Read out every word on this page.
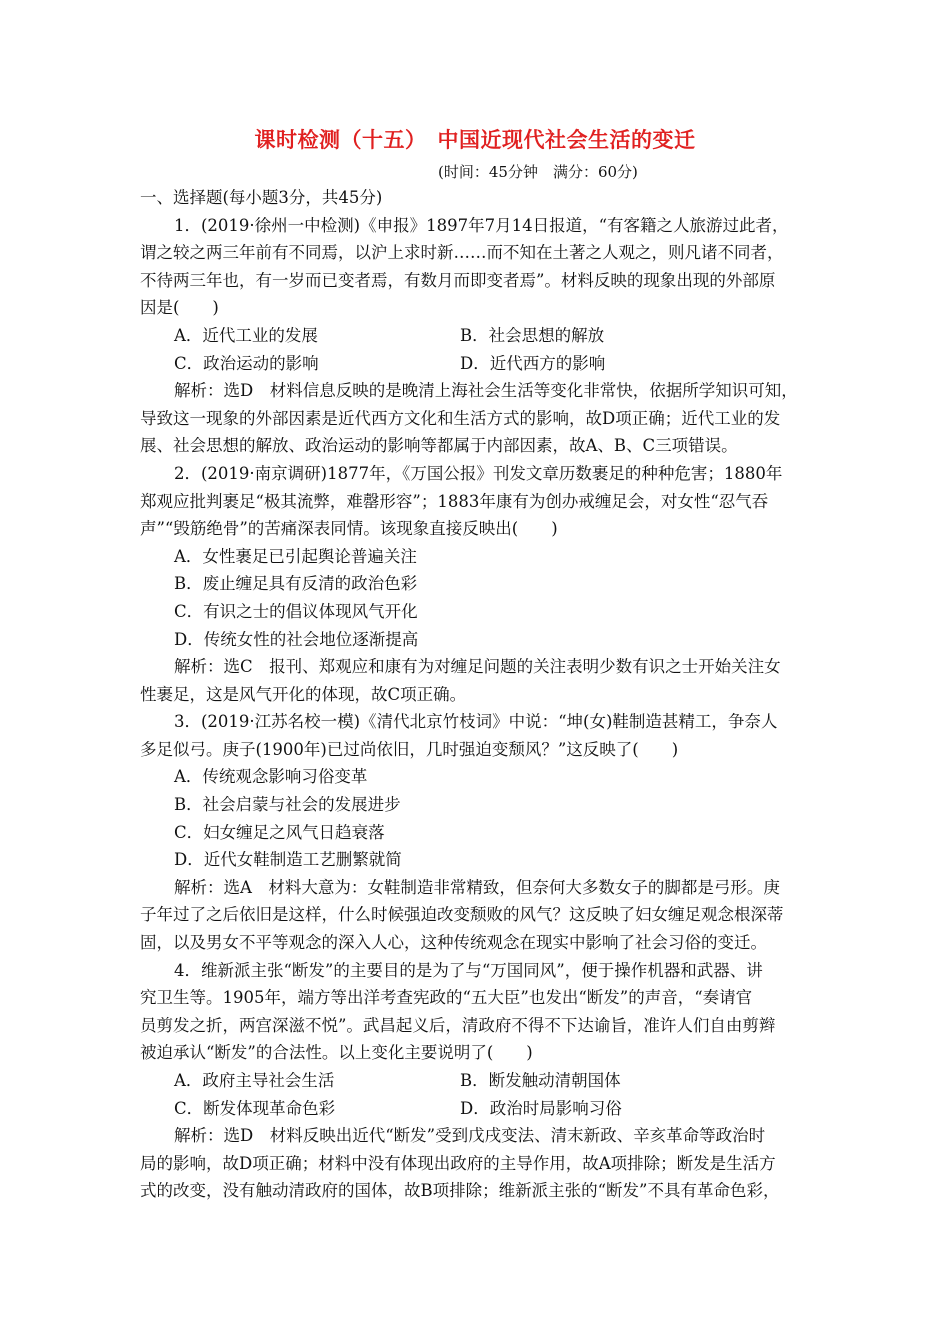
课时检测（十五）　中国近现代社会生活的变迁
(时间：45分钟　满分：60分)
一、选择题(每小题3分，共45分)
1．(2019·徐州一中检测)《申报》1897年7月14日报道，“有客籍之人旅游过此者，
谓之较之两三年前有不同焉，以沪上求时新……而不知在土著之人观之，则凡诸不同者，
不待两三年也，有一岁而已变者焉，有数月而即变者焉”。材料反映的现象出现的外部原
因是(　　)
A．近代工业的发展	B．社会思想的解放
C．政治运动的影响	D．近代西方的影响
解析：选D　材料信息反映的是晚清上海社会生活等变化非常快，依据所学知识可知，
导致这一现象的外部因素是近代西方文化和生活方式的影响，故D项正确；近代工业的发
展、社会思想的解放、政治运动的影响等都属于内部因素，故A、B、C三项错误。
2．(2019·南京调研)1877年，《万国公报》刊发文章历数裹足的种种危害；1880年
郑观应批判裹足“极其流弊，难罄形容”；1883年康有为创办戒缠足会，对女性“忍气吞
声”“毁筋绝骨”的苦痛深表同情。该现象直接反映出(　　)
A．女性裹足已引起舆论普遍关注
B．废止缠足具有反清的政治色彩
C．有识之士的倡议体现风气开化
D．传统女性的社会地位逐渐提高
解析：选C　报刊、郑观应和康有为对缠足问题的关注表明少数有识之士开始关注女
性裹足，这是风气开化的体现，故C项正确。
3．(2019·江苏名校一模)《清代北京竹枝词》中说：“坤(女)鞋制造甚精工，争奈人
多足似弓。庚子(1900年)已过尚依旧，几时强迫变颓风？”这反映了(　　)
A．传统观念影响习俗变革
B．社会启蒙与社会的发展进步
C．妇女缠足之风气日趋衰落
D．近代女鞋制造工艺删繁就简
解析：选A　材料大意为：女鞋制造非常精致，但奈何大多数女子的脚都是弓形。庚
子年过了之后依旧是这样，什么时候强迫改变颓败的风气？这反映了妇女缠足观念根深蒂
固，以及男女不平等观念的深入人心，这种传统观念在现实中影响了社会习俗的变迁。
4．维新派主张“断发”的主要目的是为了与“万国同风”，便于操作机器和武器、讲
究卫生等。1905年，端方等出洋考查宪政的“五大臣”也发出“断发”的声音，“奏请官
员剪发之折，两宫深滋不悦”。武昌起义后，清政府不得不下达谕旨，准许人们自由剪辫
被迫承认“断发”的合法性。以上变化主要说明了(　　)
A．政府主导社会生活	B．断发触动清朝国体
C．断发体现革命色彩	D．政治时局影响习俗
解析：选D　材料反映出近代“断发”受到戊戌变法、清末新政、辛亥革命等政治时
局的影响，故D项正确；材料中没有体现出政府的主导作用，故A项排除；断发是生活方
式的改变，没有触动清政府的国体，故B项排除；维新派主张的“断发”不具有革命色彩，
